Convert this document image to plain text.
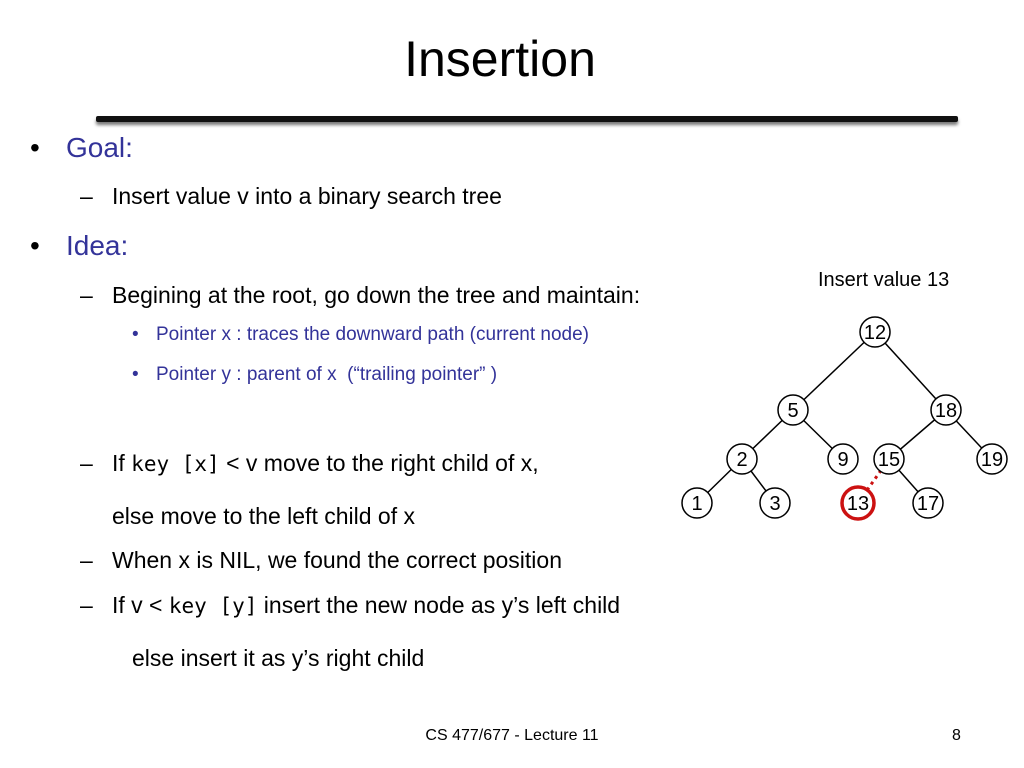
Insertion
• Goal:
– Insert value v into a binary search tree
• Idea:
– Begining at the root, go down the tree and maintain:
• Pointer x : traces the downward path (current node)
• Pointer y : parent of x  (“trailing pointer” )
– If key [x] < v move to the right child of x,
else move to the left child of x
– When x is NIL, we found the correct position
– If v < key [y] insert the new node as y’s left child
else insert it as y’s right child
Insert value 13
12
5	18
2	9 15	19
1	3	13 17
CS 477/677 - Lecture 11	8
